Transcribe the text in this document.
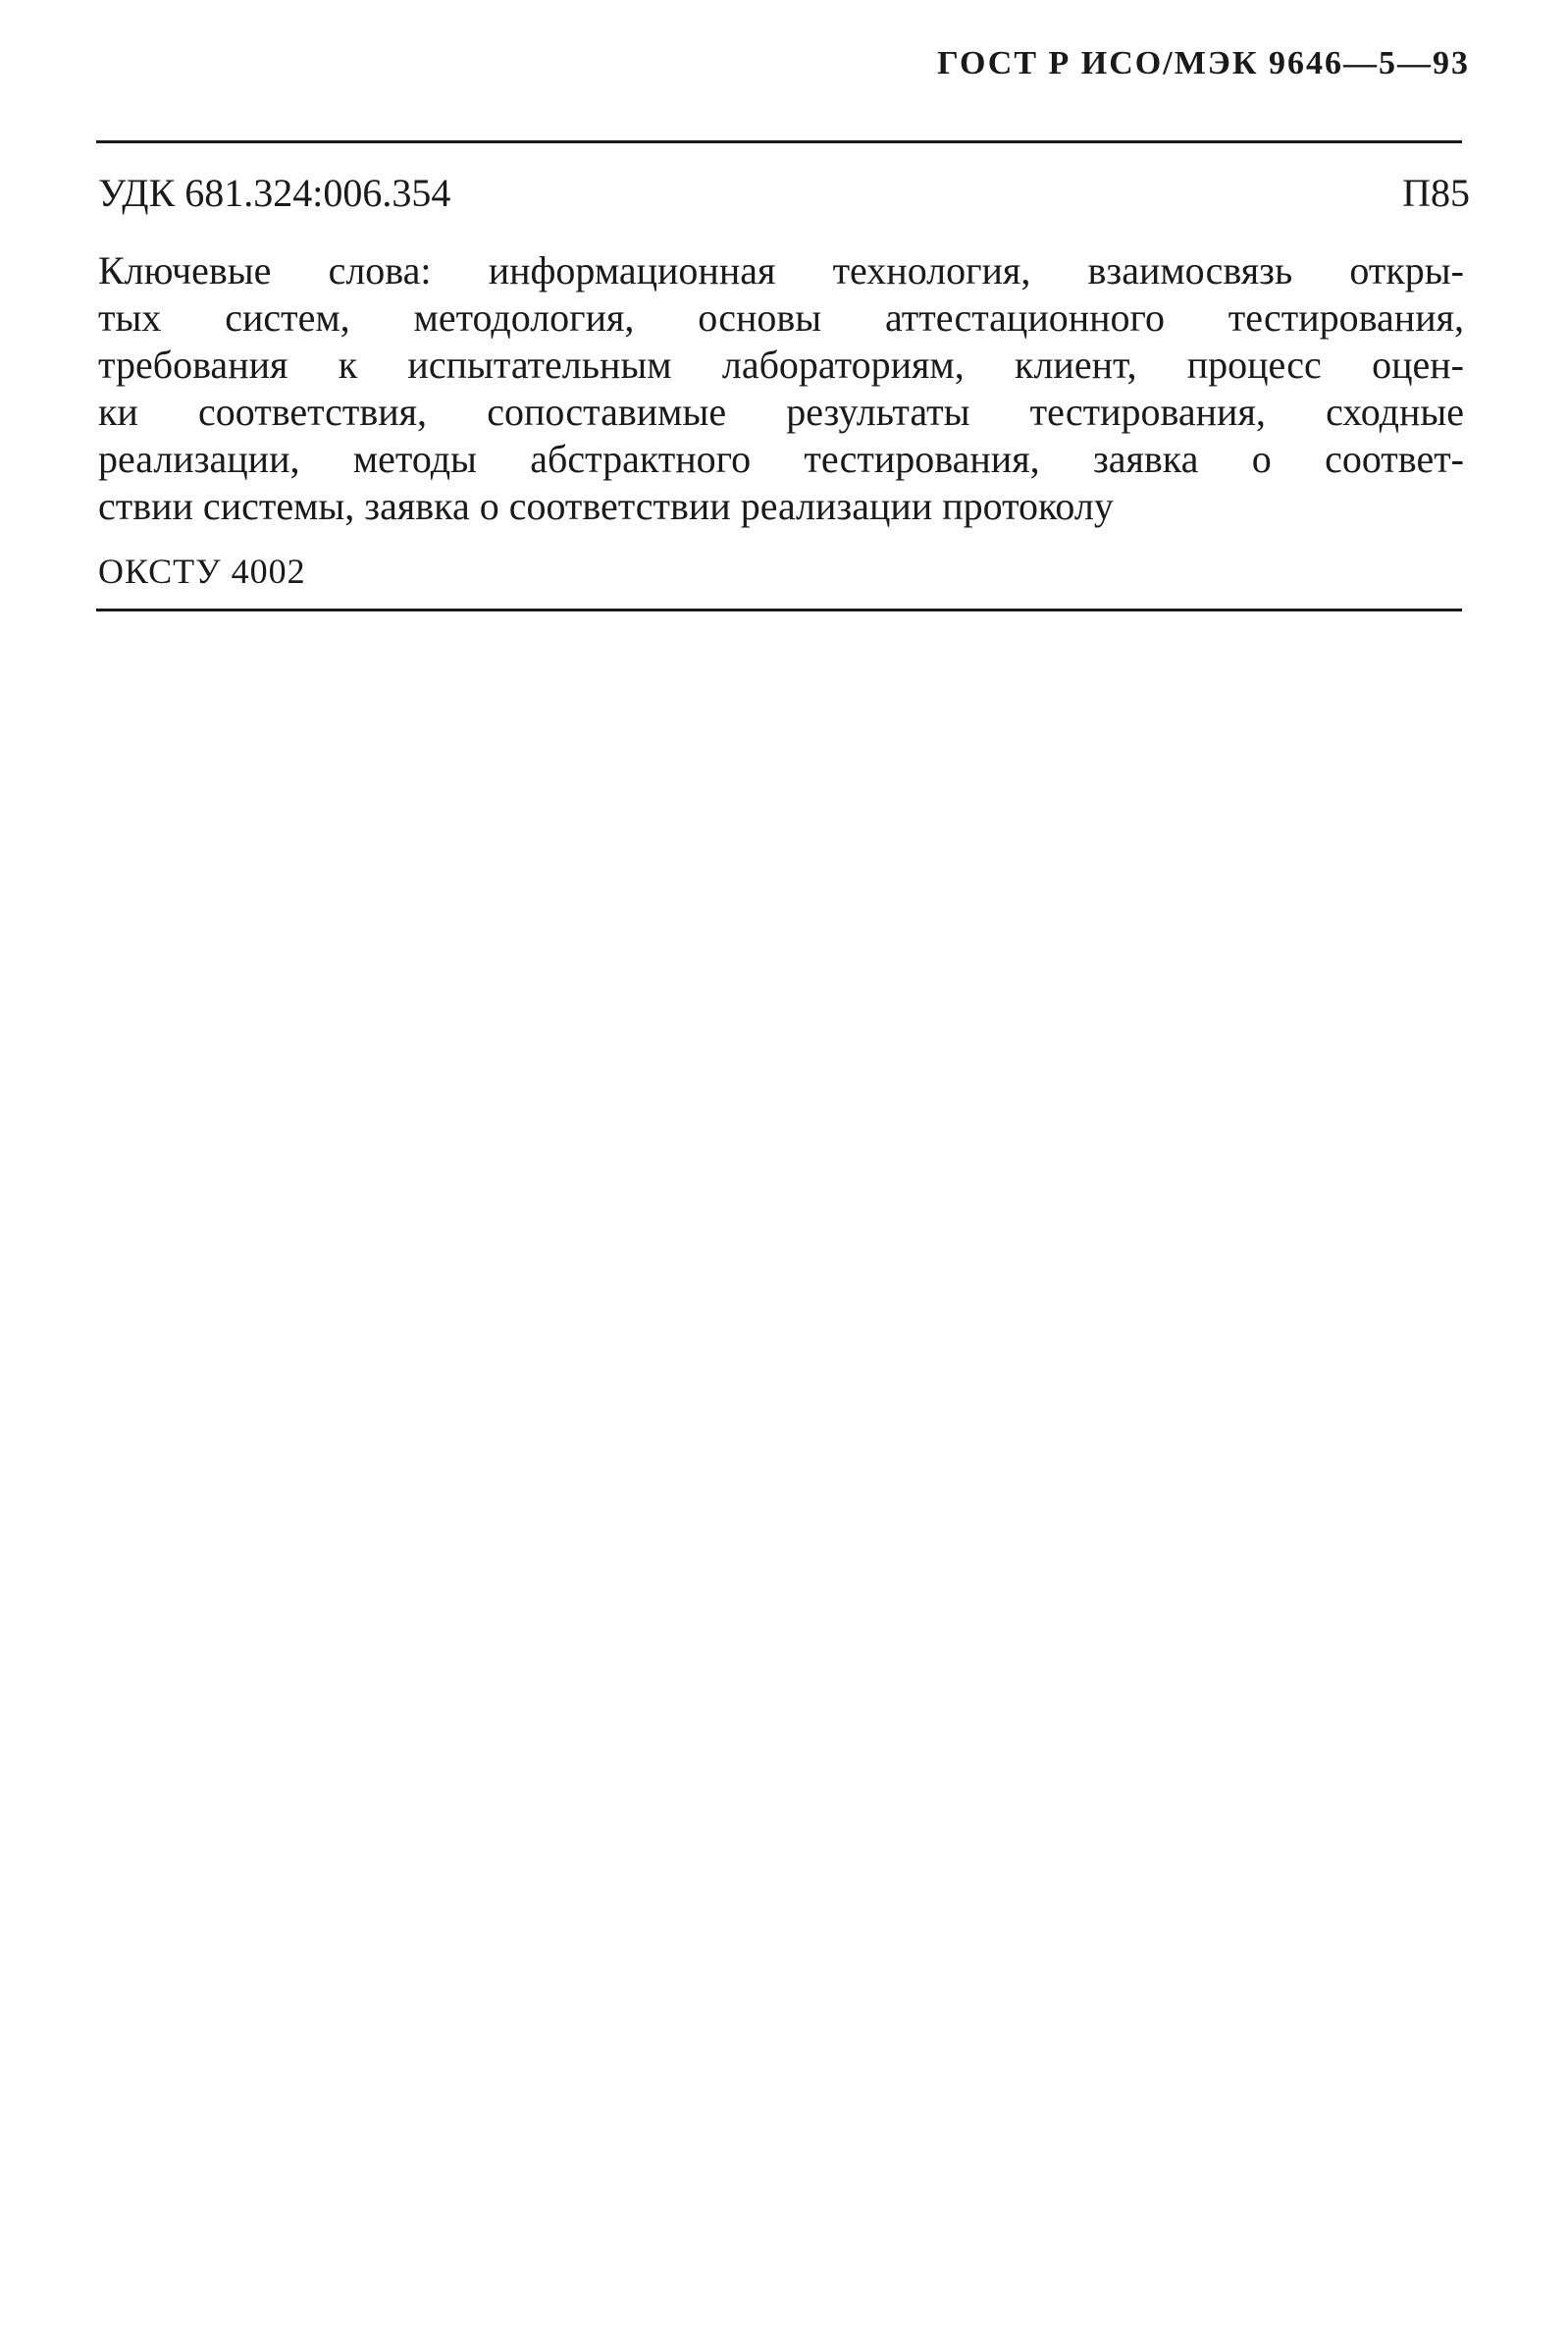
ГОСТ Р ИСО/МЭК 9646—5—93
УДК 681.324:006.354	П85
Ключевые слова: информационная технология, взаимосвязь откры-
тых систем, методология, основы аттестационного тестирования,
требования к испытательным лабораториям, клиент, процесс оцен-
ки соответствия, сопоставимые результаты тестирования, сходные
реализации, методы абстрактного тестирования, заявка о соответ-
ствии системы, заявка о соответствии реализации протоколу
ОКСТУ 4002
